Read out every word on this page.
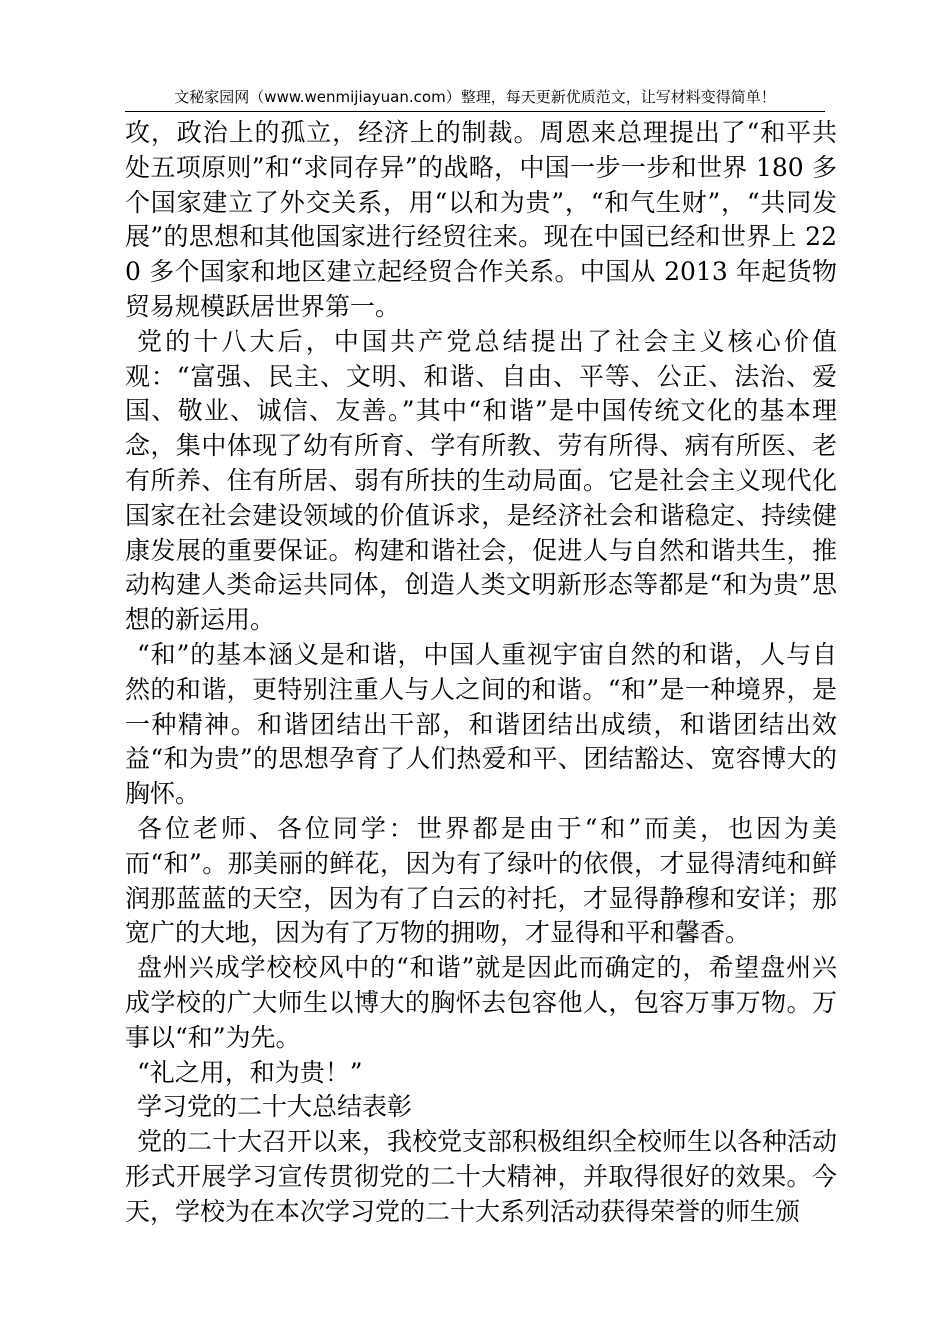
文秘家园网（www.wenmijiayuan.com）整理，每天更新优质范文，让写材料变得简单！

攻，政治上的孤立，经济上的制裁。周恩来总理提出了“和平共处五项原则”和“求同存异”的战略，中国一步一步和世界 180 多个国家建立了外交关系，用“以和为贵”，“和气生财”，“共同发展”的思想和其他国家进行经贸往来。现在中国已经和世界上 220 多个国家和地区建立起经贸合作关系。中国从 2013 年起货物贸易规模跃居世界第一。

党的十八大后，中国共产党总结提出了社会主义核心价值观：“富强、民主、文明、和谐、自由、平等、公正、法治、爱国、敬业、诚信、友善。”其中“和谐”是中国传统文化的基本理念，集中体现了幼有所育、学有所教、劳有所得、病有所医、老有所养、住有所居、弱有所扶的生动局面。它是社会主义现代化国家在社会建设领域的价值诉求，是经济社会和谐稳定、持续健康发展的重要保证。构建和谐社会，促进人与自然和谐共生，推动构建人类命运共同体，创造人类文明新形态等都是“和为贵”思想的新运用。

“和”的基本涵义是和谐，中国人重视宇宙自然的和谐，人与自然的和谐，更特别注重人与人之间的和谐。“和”是一种境界，是一种精神。和谐团结出干部，和谐团结出成绩，和谐团结出效益“和为贵”的思想孕育了人们热爱和平、团结豁达、宽容博大的胸怀。

各位老师、各位同学：世界都是由于“和”而美，也因为美而“和”。那美丽的鲜花，因为有了绿叶的依偎，才显得清纯和鲜润那蓝蓝的天空，因为有了白云的衬托，才显得静穆和安详；那宽广的大地，因为有了万物的拥吻，才显得和平和馨香。

盘州兴成学校校风中的“和谐”就是因此而确定的，希望盘州兴成学校的广大师生以博大的胸怀去包容他人，包容万事万物。万事以“和”为先。

“礼之用，和为贵！”

学习党的二十大总结表彰

党的二十大召开以来，我校党支部积极组织全校师生以各种活动形式开展学习宣传贯彻党的二十大精神，并取得很好的效果。今天，学校为在本次学习党的二十大系列活动获得荣誉的师生颁
